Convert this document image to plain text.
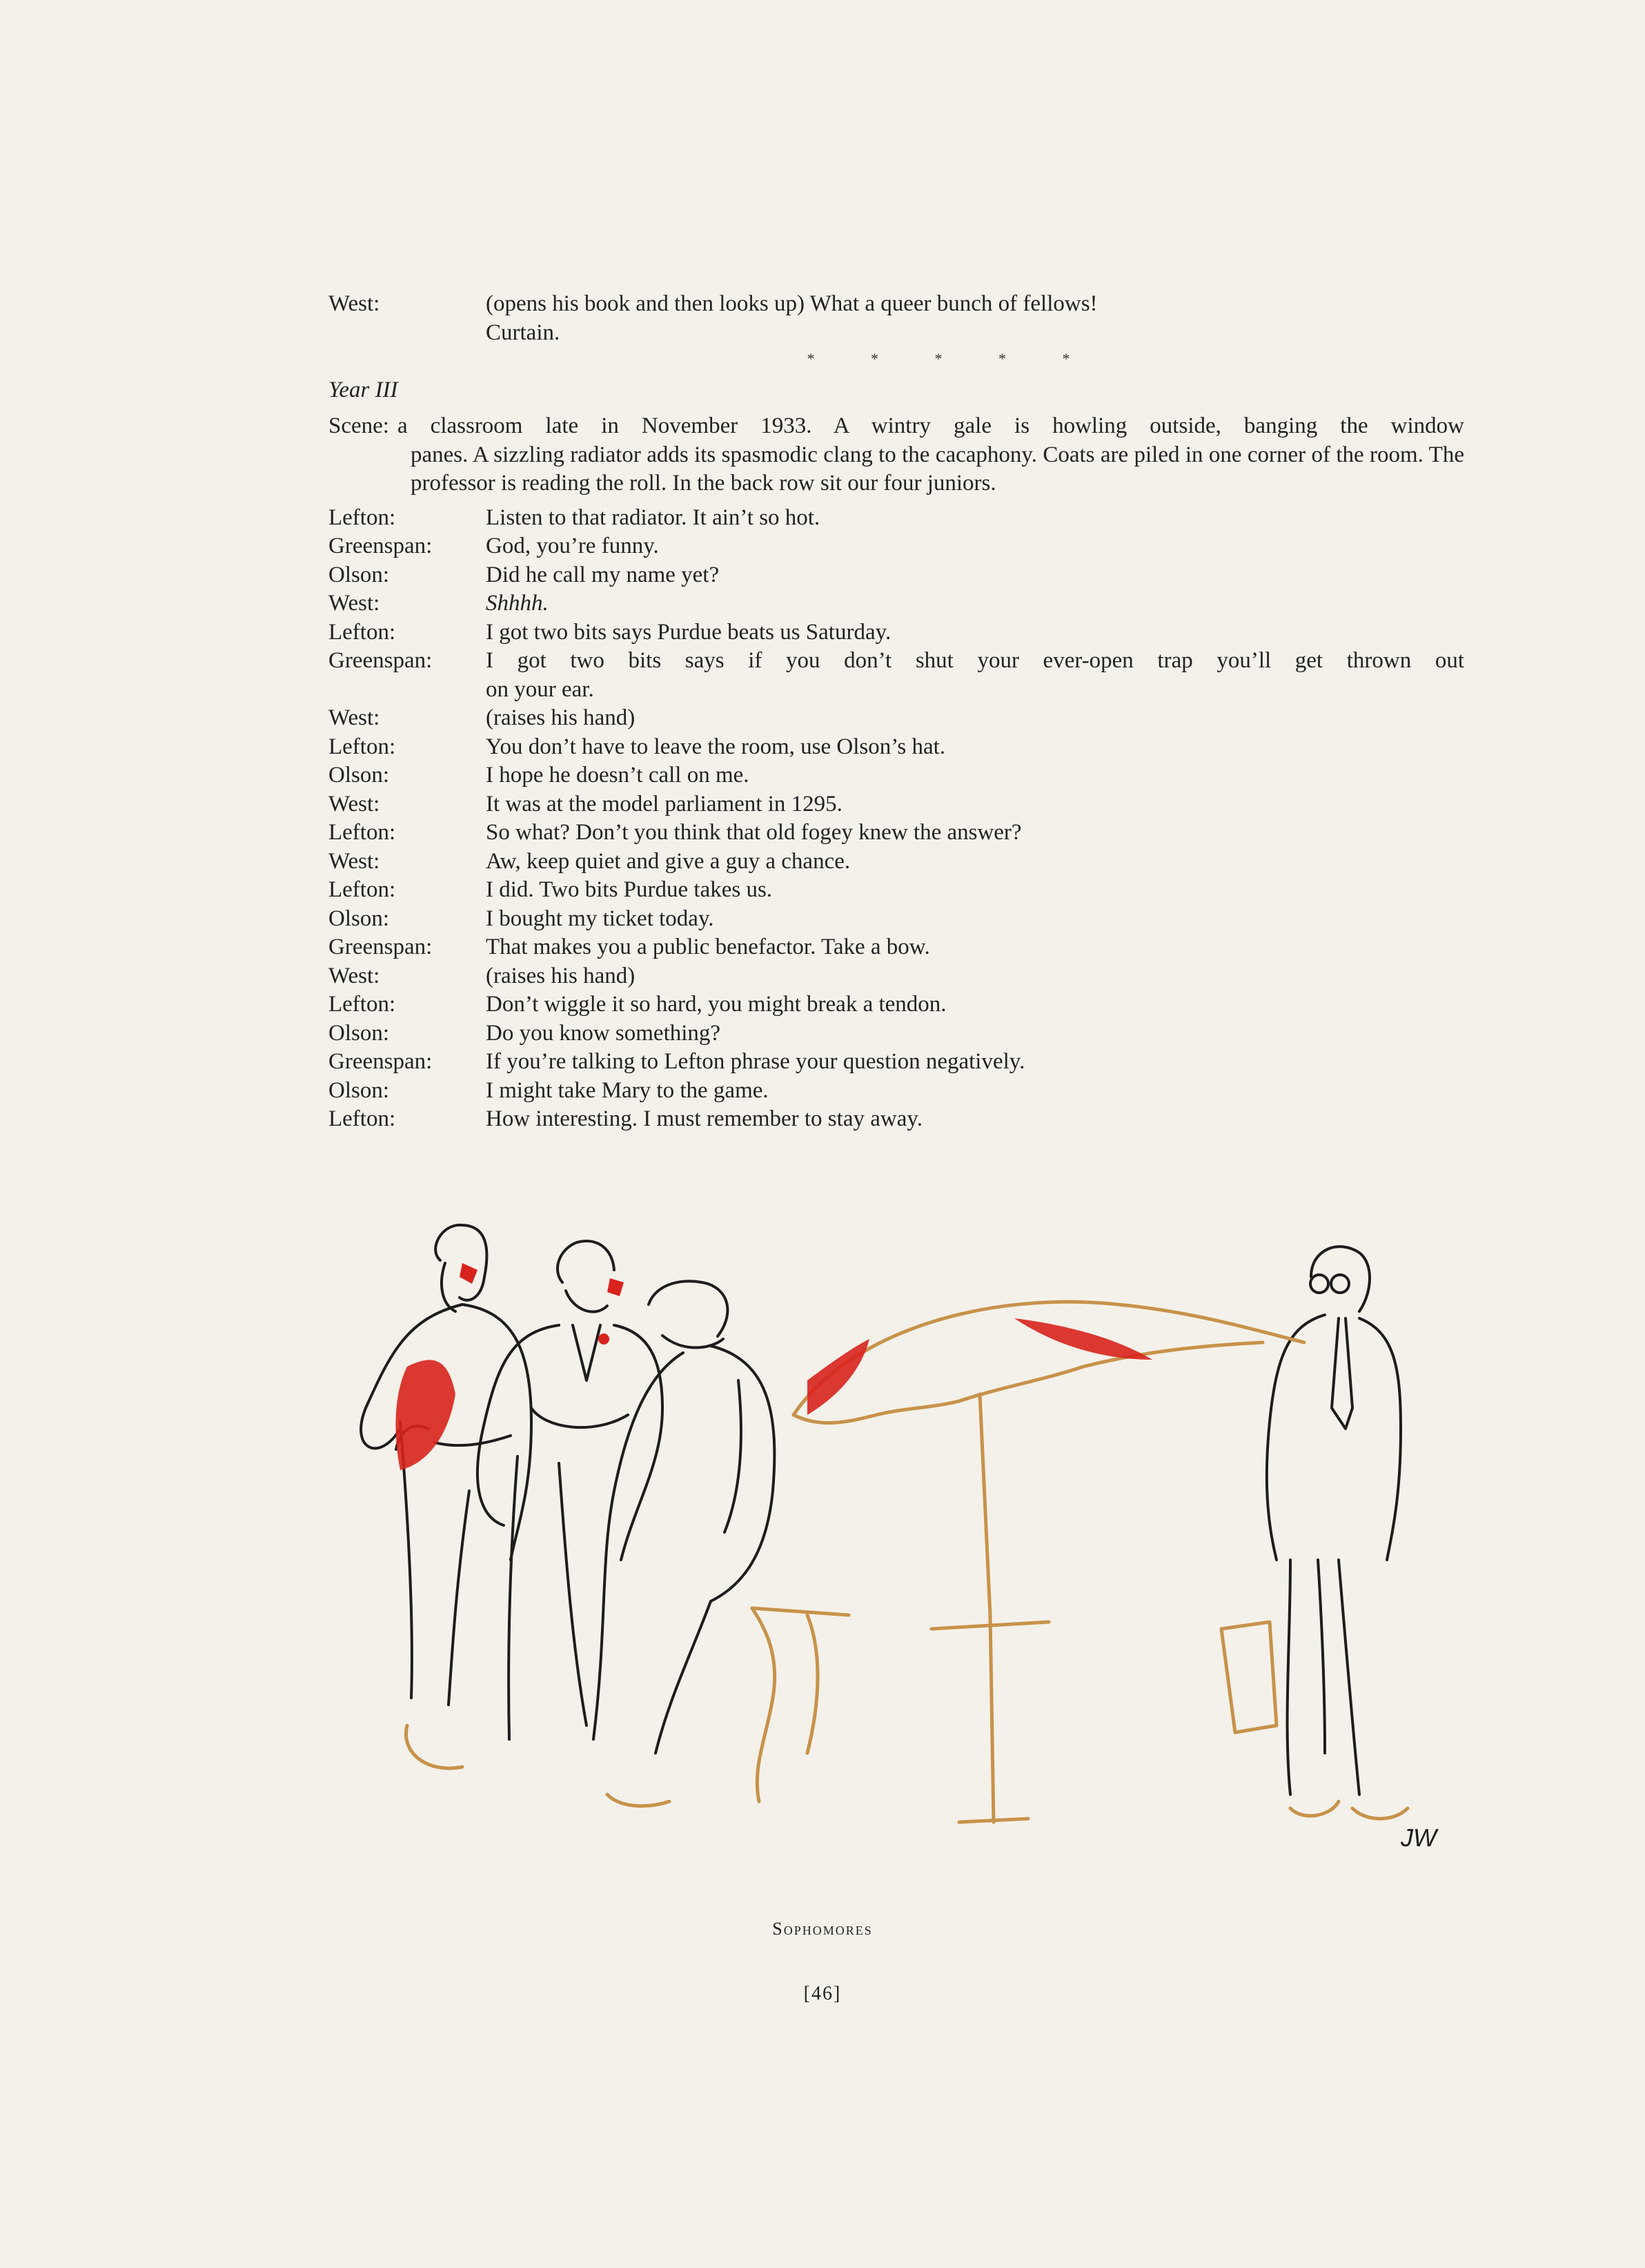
West:	(opens his book and then looks up) What a queer bunch of fellows!
Curtain.
* * * * *
Year III
Scene: a classroom late in November 1933. A wintry gale is howling outside, banging the window
panes. A sizzling radiator adds its spasmodic clang to the cacaphony. Coats are piled in one corner of the room. The professor is reading the roll. In the back row sit our four juniors.
Lefton:	Listen to that radiator. It ain’t so hot.
Greenspan:	God, you’re funny.
Olson:	Did he call my name yet?
West:	Shhhh.
Lefton:	I got two bits says Purdue beats us Saturday.
Greenspan:	I got two bits says if you don’t shut your ever-open trap you’ll get thrown out
on your ear.
West:	(raises his hand)
Lefton:	You don’t have to leave the room, use Olson’s hat.
Olson:	I hope he doesn’t call on me.
West:	It was at the model parliament in 1295.
Lefton:	So what? Don’t you think that old fogey knew the answer?
West:	Aw, keep quiet and give a guy a chance.
Lefton:	I did. Two bits Purdue takes us.
Olson:	I bought my ticket today.
Greenspan:	That makes you a public benefactor. Take a bow.
West:	(raises his hand)
Lefton:	Don’t wiggle it so hard, you might break a tendon.
Olson:	Do you know something?
Greenspan:	If you’re talking to Lefton phrase your question negatively.
Olson:	I might take Mary to the game.
Lefton:	How interesting. I must remember to stay away.
JW
Sophomores
[46]
